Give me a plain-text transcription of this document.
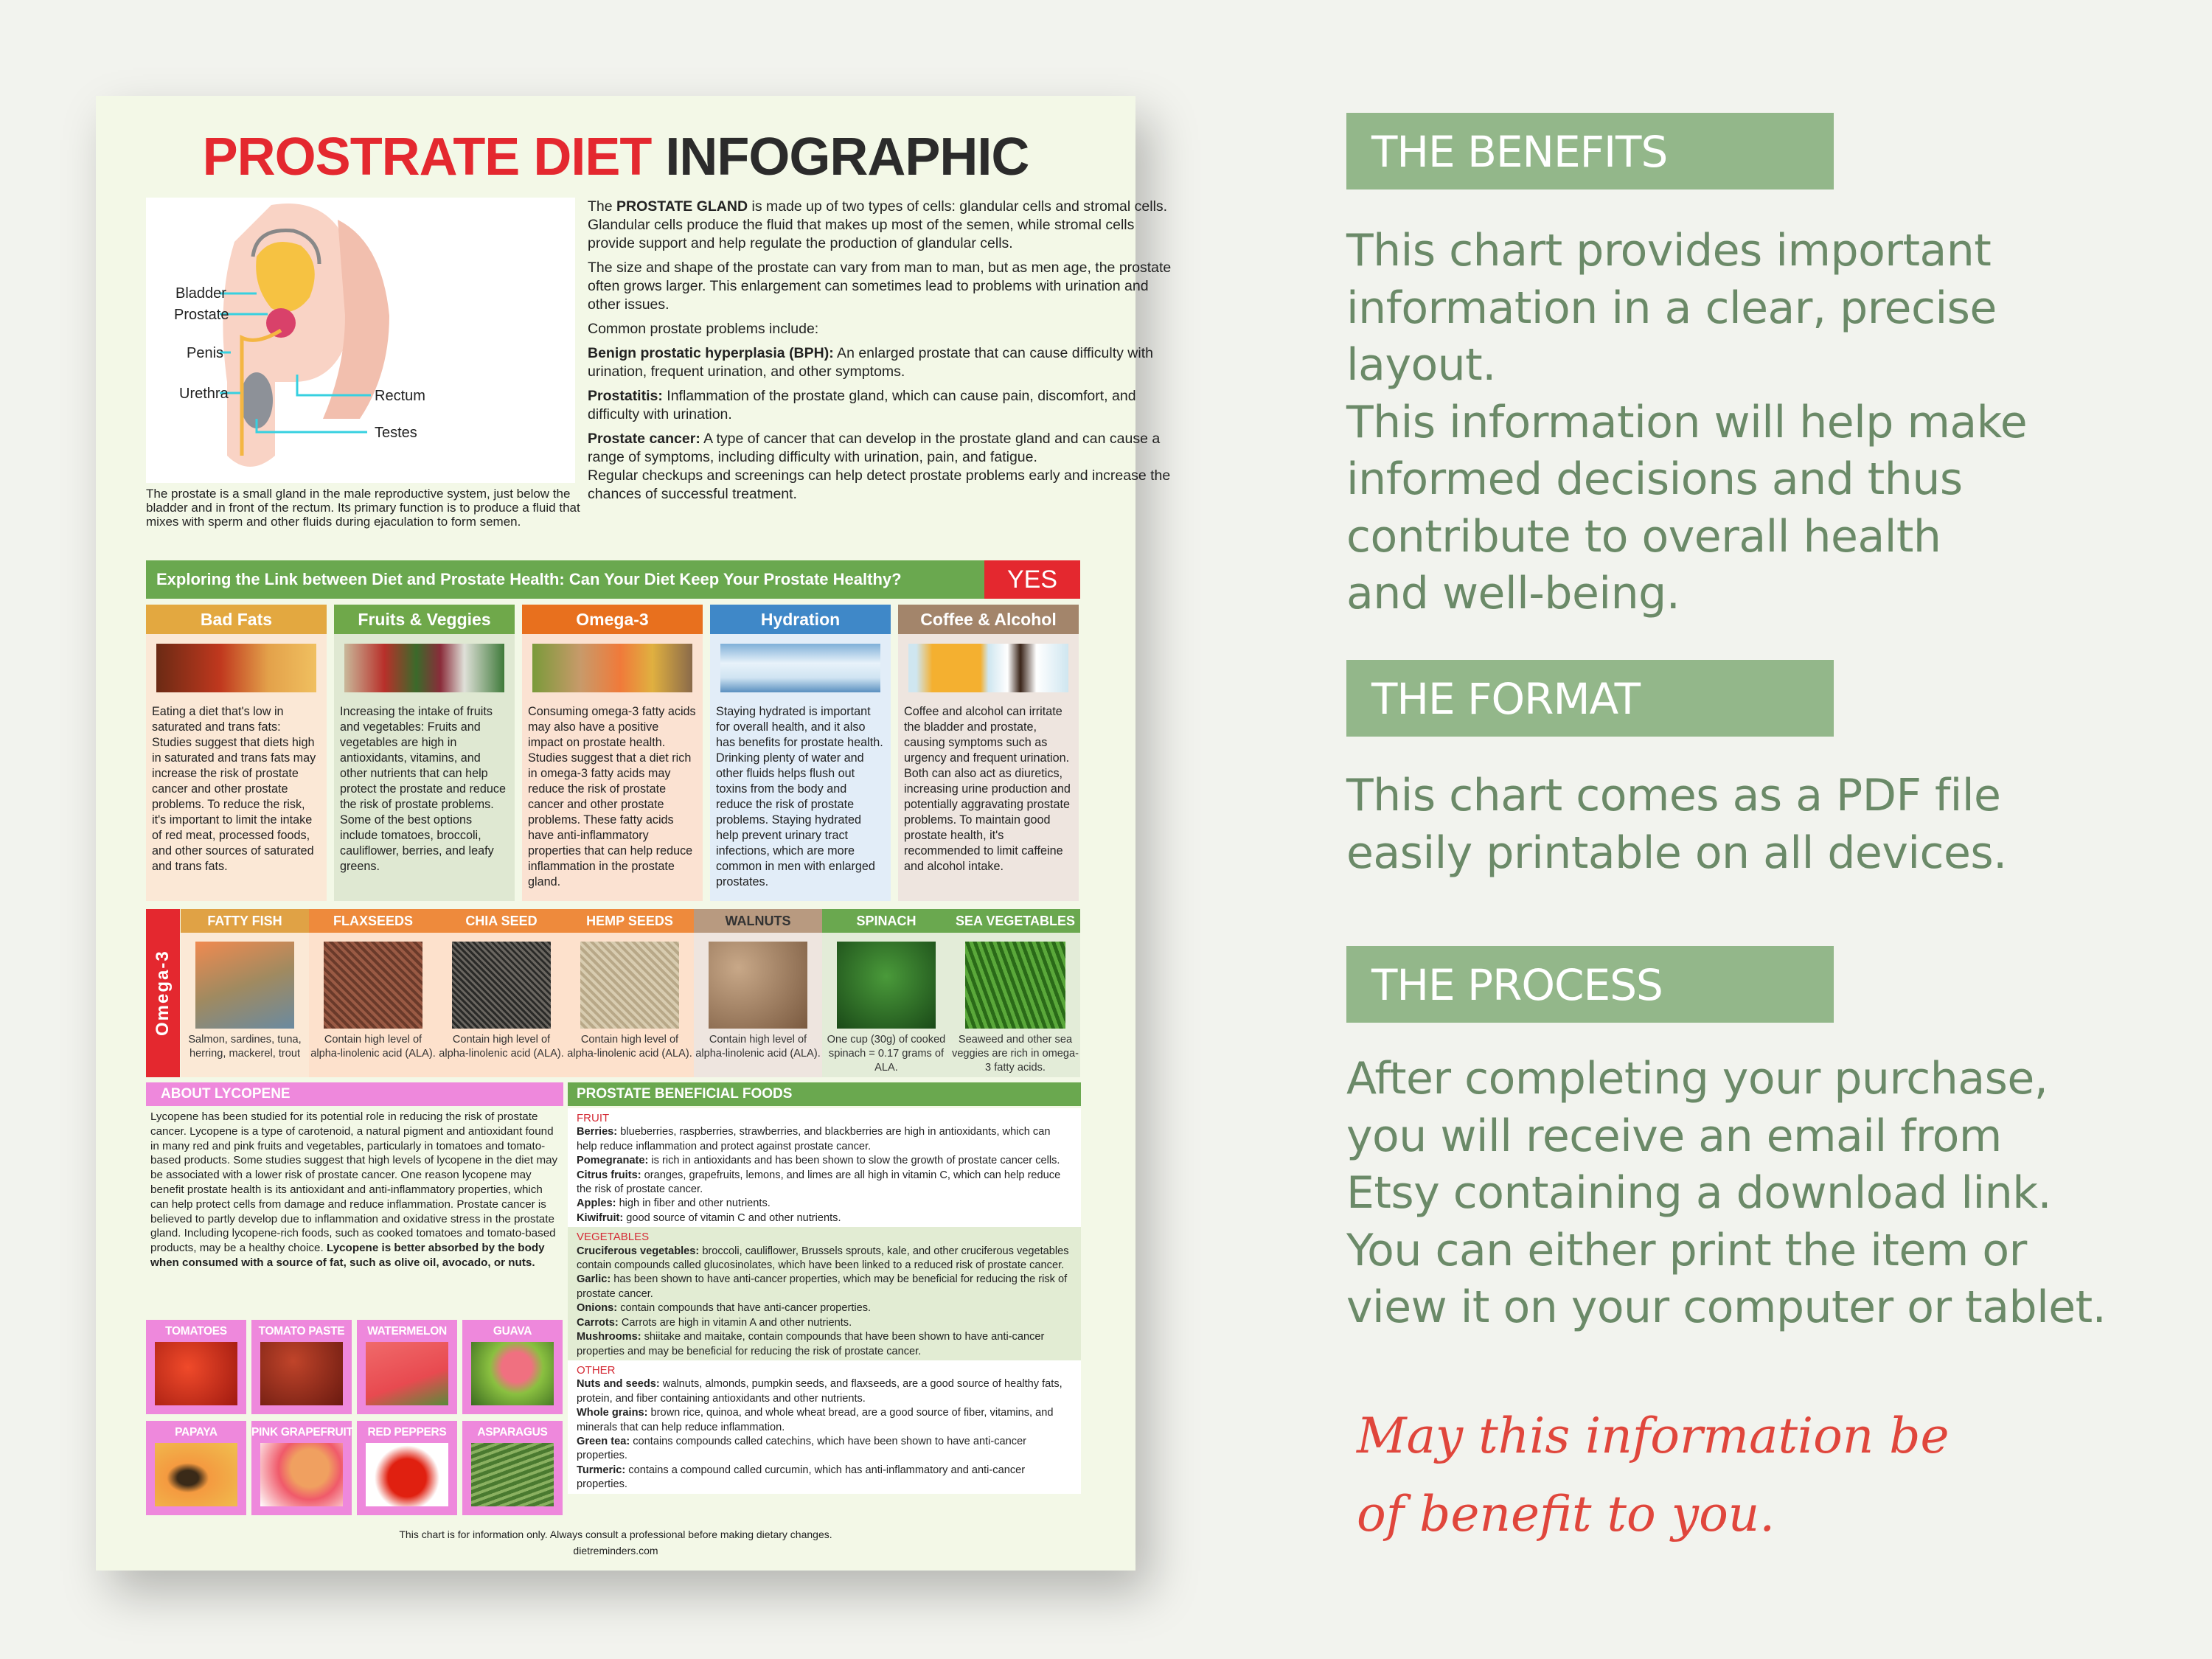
PROSTRATE DIET INFOGRAPHIC
Bladder
Prostate
Penis
Urethra	Rectum
Testes
The prostate is a small gland in the male reproductive system, just below the bladder and in front of the rectum. Its primary function is to produce a fluid that mixes with sperm and other fluids during ejaculation to form semen.

The PROSTATE GLAND is made up of two types of cells: glandular cells and stromal cells. Glandular cells produce the fluid that makes up most of the semen, while stromal cells provide support and help regulate the production of glandular cells.

The size and shape of the prostate can vary from man to man, but as men age, the prostate often grows larger. This enlargement can sometimes lead to problems with urination and other issues.

Common prostate problems include:

Benign prostatic hyperplasia (BPH): An enlarged prostate that can cause difficulty with urination, frequent urination, and other symptoms.

Prostatitis: Inflammation of the prostate gland, which can cause pain, discomfort, and difficulty with urination.

Prostate cancer: A type of cancer that can develop in the prostate gland and can cause a range of symptoms, including difficulty with urination, pain, and fatigue.

Regular checkups and screenings can help detect prostate problems early and increase the chances of successful treatment.

Exploring the Link between Diet and Prostate Health: Can Your Diet Keep Your Prostate Healthy?	YES
Bad Fats
Eating a diet that's low in saturated and trans fats: Studies suggest that diets high in saturated and trans fats may increase the risk of prostate cancer and other prostate problems. To reduce the risk, it's important to limit the intake of red meat, processed foods, and other sources of saturated and trans fats.
Fruits & Veggies
Increasing the intake of fruits and vegetables: Fruits and vegetables are high in antioxidants, vitamins, and other nutrients that can help protect the prostate and reduce the risk of prostate problems. Some of the best options include tomatoes, broccoli, cauliflower, berries, and leafy greens.
Omega-3
Consuming omega-3 fatty acids may also have a positive impact on prostate health. Studies suggest that a diet rich in omega-3 fatty acids may reduce the risk of prostate cancer and other prostate problems. These fatty acids have anti-inflammatory properties that can help reduce inflammation in the prostate gland.
Hydration
Staying hydrated is important for overall health, and it also has benefits for prostate health. Drinking plenty of water and other fluids helps flush out toxins from the body and reduce the risk of prostate problems. Staying hydrated help prevent urinary tract infections, which are more common in men with enlarged prostates.
Coffee & Alcohol
Coffee and alcohol can irritate the bladder and prostate, causing symptoms such as urgency and frequent urination. Both can also act as diuretics, increasing urine production and potentially aggravating prostate problems. To maintain good prostate health, it's recommended to limit caffeine and alcohol intake.
Omega-3
FATTY FISH
Salmon, sardines, tuna, herring, mackerel, trout
FLAXSEEDS
Contain high level of alpha-linolenic acid (ALA).
CHIA SEED
Contain high level of alpha-linolenic acid (ALA).
HEMP SEEDS
Contain high level of alpha-linolenic acid (ALA).
WALNUTS
Contain high level of alpha-linolenic acid (ALA).
SPINACH
One cup (30g) of cooked spinach = 0.17 grams of ALA.
SEA VEGETABLES
Seaweed and other sea veggies are rich in omega-3 fatty acids.
ABOUT LYCOPENE
Lycopene has been studied for its potential role in reducing the risk of prostate cancer. Lycopene is a type of carotenoid, a natural pigment and antioxidant found in many red and pink fruits and vegetables, particularly in tomatoes and tomato-based products. Some studies suggest that high levels of lycopene in the diet may be associated with a lower risk of prostate cancer. One reason lycopene may benefit prostate health is its antioxidant and anti-inflammatory properties, which can help protect cells from damage and reduce inflammation. Prostate cancer is believed to partly develop due to inflammation and oxidative stress in the prostate gland. Including lycopene-rich foods, such as cooked tomatoes and tomato-based products, may be a healthy choice. Lycopene is better absorbed by the body when consumed with a source of fat, such as olive oil, avocado, or nuts.
TOMATOES	TOMATO PASTE	WATERMELON	GUAVA
PAPAYA	PINK GRAPEFRUIT	RED PEPPERS	ASPARAGUS
PROSTATE BENEFICIAL FOODS
FRUIT
Berries: blueberries, raspberries, strawberries, and blackberries are high in antioxidants, which can help reduce inflammation and protect against prostate cancer.
Pomegranate: is rich in antioxidants and has been shown to slow the growth of prostate cancer cells.
Citrus fruits: oranges, grapefruits, lemons, and limes are all high in vitamin C, which can help reduce the risk of prostate cancer.
Apples: high in fiber and other nutrients.
Kiwifruit: good source of vitamin C and other nutrients.
VEGETABLES
Cruciferous vegetables: broccoli, cauliflower, Brussels sprouts, kale, and other cruciferous vegetables contain compounds called glucosinolates, which have been linked to a reduced risk of prostate cancer.
Garlic: has been shown to have anti-cancer properties, which may be beneficial for reducing the risk of prostate cancer.
Onions: contain compounds that have anti-cancer properties.
Carrots: Carrots are high in vitamin A and other nutrients.
Mushrooms: shiitake and maitake, contain compounds that have been shown to have anti-cancer properties and may be beneficial for reducing the risk of prostate cancer.
OTHER
Nuts and seeds: walnuts, almonds, pumpkin seeds, and flaxseeds, are a good source of healthy fats, protein, and fiber containing antioxidants and other nutrients.
Whole grains: brown rice, quinoa, and whole wheat bread, are a good source of fiber, vitamins, and minerals that can help reduce inflammation.
Green tea: contains compounds called catechins, which have been shown to have anti-cancer properties.
Turmeric: contains a compound called curcumin, which has anti-inflammatory and anti-cancer properties.
This chart is for information only. Always consult a professional before making dietary changes.
dietreminders.com
THE BENEFITS
This chart provides important
information in a clear, precise
layout.
This information will help make
informed decisions and thus
contribute to overall health
and well-being.
THE FORMAT
This chart comes as a PDF file
easily printable on all devices.
THE PROCESS
After completing your purchase,
you will receive an email from
Etsy containing a download link.
You can either print the item or
view it on your computer or tablet.
May this information be
of benefit to you.
